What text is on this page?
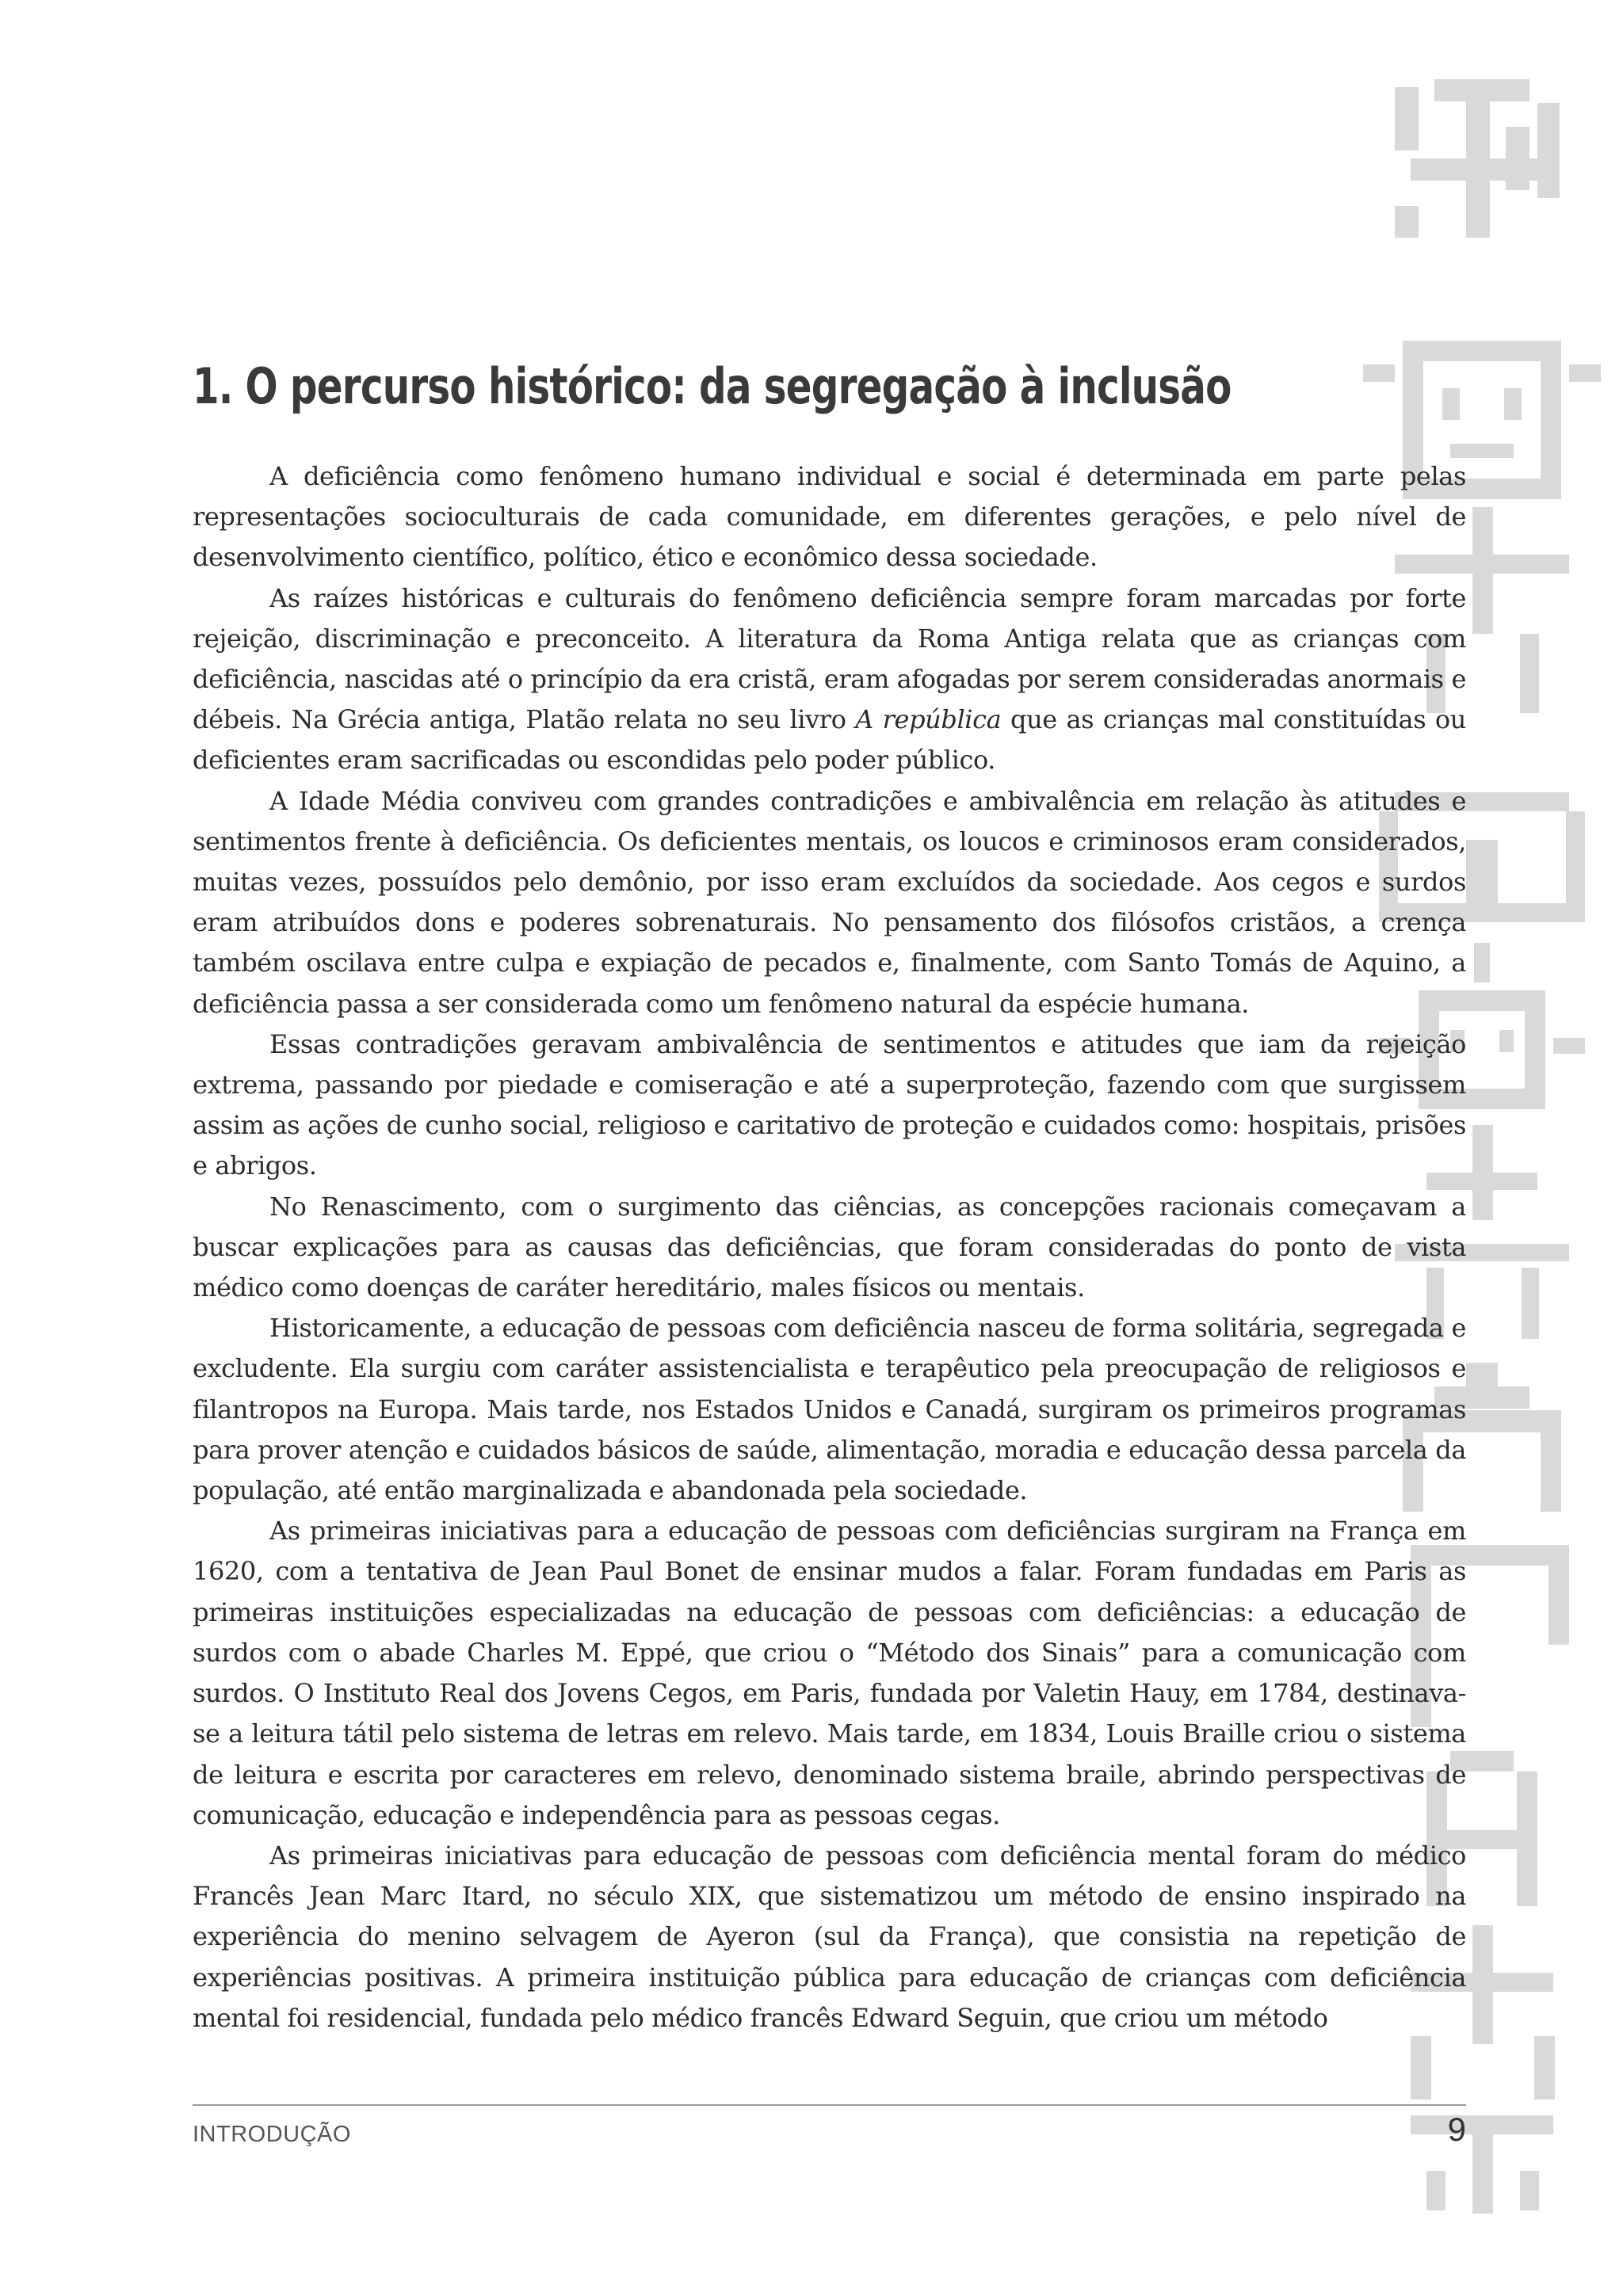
1. O percurso histórico: da segregação à inclusão

A deficiência como fenômeno humano individual e social é determinada em parte pelas representações socioculturais de cada comunidade, em diferentes gerações, e pelo nível de desenvolvimento científico, político, ético e econômico dessa sociedade.

As raízes históricas e culturais do fenômeno deficiência sempre foram marcadas por forte rejeição, discriminação e preconceito. A literatura da Roma Antiga relata que as crianças com deficiência, nascidas até o princípio da era cristã, eram afogadas por serem consideradas anormais e débeis. Na Grécia antiga, Platão relata no seu livro A república que as crianças mal constituídas ou deficientes eram sacrificadas ou escondidas pelo poder público.

A Idade Média conviveu com grandes contradições e ambivalência em relação às atitudes e sentimentos frente à deficiência. Os deficientes mentais, os loucos e criminosos eram considerados, muitas vezes, possuídos pelo demônio, por isso eram excluídos da sociedade. Aos cegos e surdos eram atribuídos dons e poderes sobrenaturais. No pensamento dos filósofos cristãos, a crença também oscilava entre culpa e expiação de pecados e, finalmente, com Santo Tomás de Aquino, a deficiência passa a ser considerada como um fenômeno natural da espécie humana.

Essas contradições geravam ambivalência de sentimentos e atitudes que iam da rejeição extrema, passando por piedade e comiseração e até a superproteção, fazendo com que surgissem assim as ações de cunho social, religioso e caritativo de proteção e cuidados como: hospitais, prisões e abrigos.

No Renascimento, com o surgimento das ciências, as concepções racionais começavam a buscar explicações para as causas das deficiências, que foram consideradas do ponto de vista médico como doenças de caráter hereditário, males físicos ou mentais.

Historicamente, a educação de pessoas com deficiência nasceu de forma solitária, segregada e excludente. Ela surgiu com caráter assistencialista e terapêutico pela preocupação de religiosos e filantropos na Europa. Mais tarde, nos Estados Unidos e Canadá, surgiram os primeiros programas para prover atenção e cuidados básicos de saúde, alimentação, moradia e educação dessa parcela da população, até então marginalizada e abandonada pela sociedade.

As primeiras iniciativas para a educação de pessoas com deficiências surgiram na França em 1620, com a tentativa de Jean Paul Bonet de ensinar mudos a falar. Foram fundadas em Paris as primeiras instituições especializadas na educação de pessoas com deficiências: a educação de surdos com o abade Charles M. Eppé, que criou o “Método dos Sinais” para a comunicação com surdos. O Instituto Real dos Jovens Cegos, em Paris, fundada por Valetin Hauy, em 1784, destinava-se a leitura tátil pelo sistema de letras em relevo. Mais tarde, em 1834, Louis Braille criou o sistema de leitura e escrita por caracteres em relevo, denominado sistema braile, abrindo perspectivas de comunicação, educação e independência para as pessoas cegas.

As primeiras iniciativas para educação de pessoas com deficiência mental foram do médico Francês Jean Marc Itard, no século XIX, que sistematizou um método de ensino inspirado na experiência do menino selvagem de Ayeron (sul da França), que consistia na repetição de experiências positivas. A primeira instituição pública para educação de crianças com deficiência mental foi residencial, fundada pelo médico francês Edward Seguin, que criou um método

INTRODUÇÃO	9
